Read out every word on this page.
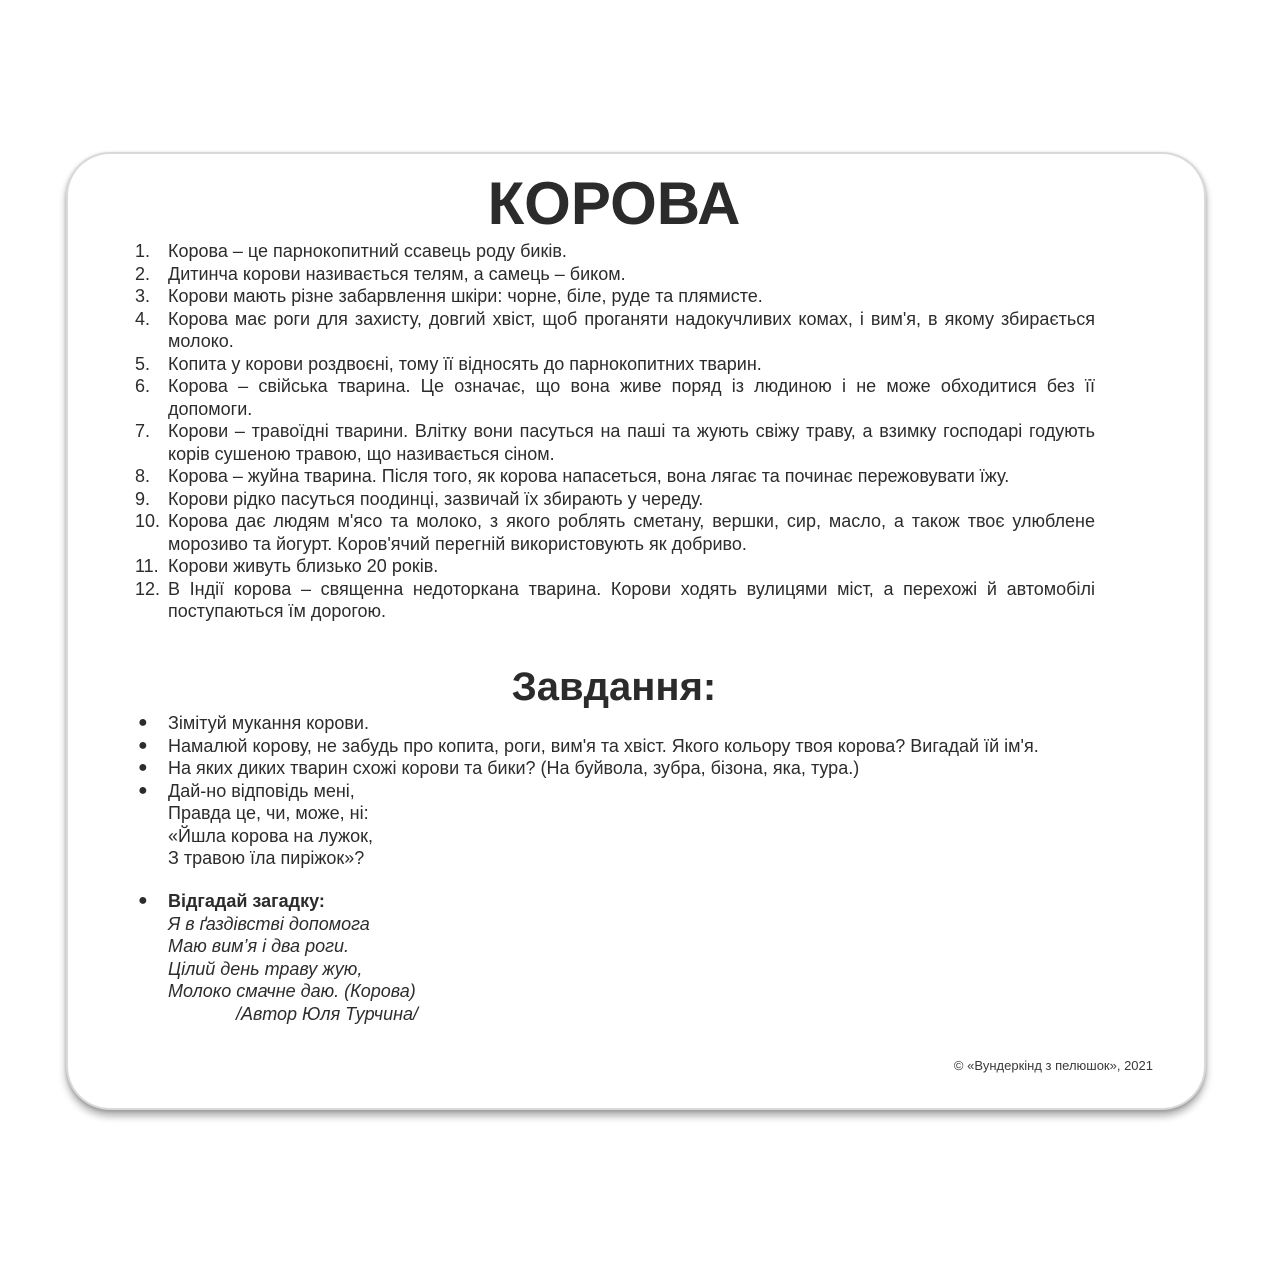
КОРОВА
1. Корова – це парнокопитний ссавець роду биків.
2. Дитинча корови називається телям, а самець – биком.
3. Корови мають різне забарвлення шкіри: чорне, біле, руде та плямисте.
4. Корова має роги для захисту, довгий хвіст, щоб проганяти надокучливих комах, і вим'я, в якому збирається молоко.
5. Копита у корови роздвоєні, тому її відносять до парнокопитних тварин.
6. Корова – свійська тварина. Це означає, що вона живе поряд із людиною і не може обходитися без її допомоги.
7. Корови – травоїдні тварини. Влітку вони пасуться на паші та жують свіжу траву, а взимку господарі годують корів сушеною травою, що називається сіном.
8. Корова – жуйна тварина. Після того, як корова напасеться, вона лягає та починає пережовувати їжу.
9. Корови рідко пасуться поодинці, зазвичай їх збирають у череду.
10. Корова дає людям м'ясо та молоко, з якого роблять сметану, вершки, сир, масло, а також твоє улюблене морозиво та йогурт. Коров'ячий перегній використовують як добриво.
11. Корови живуть близько 20 років.
12. В Індії корова – священна недоторкана тварина. Корови ходять вулицями міст, а перехожі й автомобілі поступаються їм дорогою.
Завдання:
● Зімітуй мукання корови.
● Намалюй корову, не забудь про копита, роги, вим'я та хвіст. Якого кольору твоя корова? Вигадай їй ім'я.
● На яких диких тварин схожі корови та бики? (На буйвола, зубра, бізона, яка, тура.)
● Дай-но відповідь мені,
Правда це, чи, може, ні:
«Йшла корова на лужок,
З травою їла пиріжок»?
● Відгадай загадку:
Я в ґаздівстві допомога
Маю вим’я і два роги.
Цілий день траву жую,
Молоко смачне даю. (Корова)
/Автор Юля Турчина/
© «Вундеркінд з пелюшок», 2021
